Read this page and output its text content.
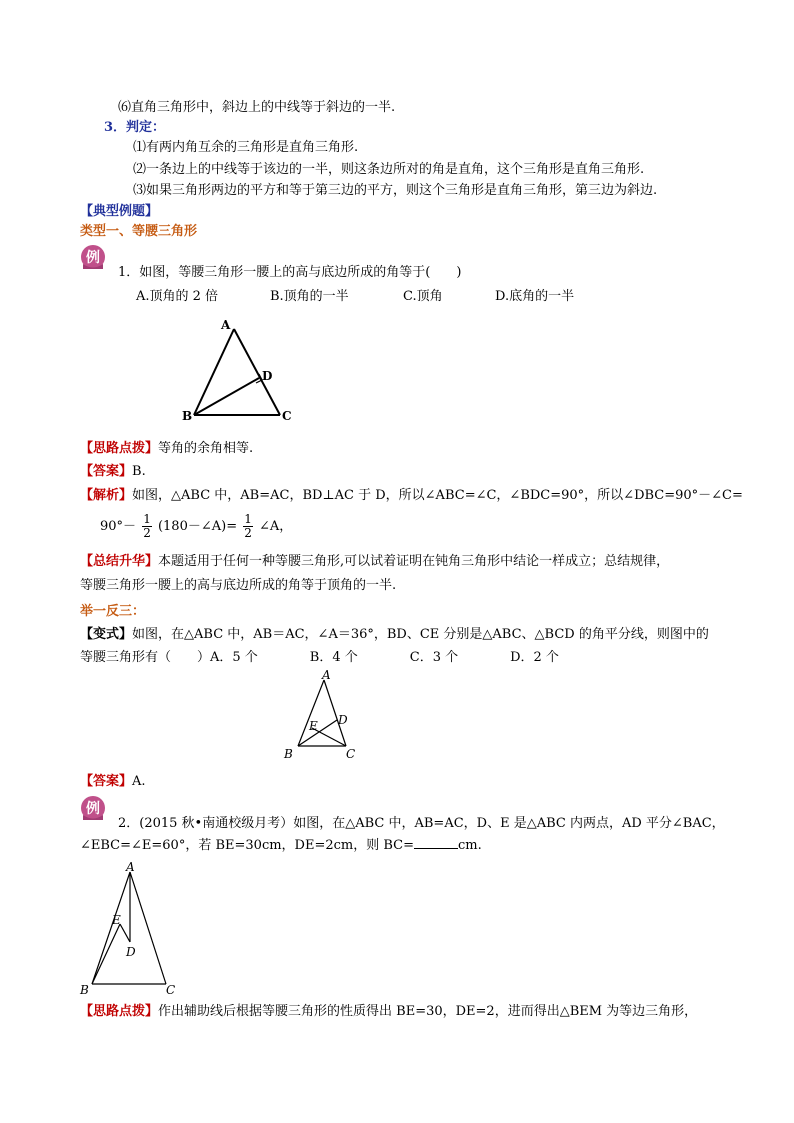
⑹直角三角形中，斜边上的中线等于斜边的一半.
3．判定：
⑴有两内角互余的三角形是直角三角形.
⑵一条边上的中线等于该边的一半，则这条边所对的角是直角，这个三角形是直角三角形.
⑶如果三角形两边的平方和等于第三边的平方，则这个三角形是直角三角形，第三边为斜边.
【典型例题】
类型一、等腰三角形
例
1．如图，等腰三角形一腰上的高与底边所成的角等于(　　)
A.顶角的 2 倍	B.顶角的一半	C.顶角	D.底角的一半
A
B	C
D
【思路点拨】等角的余角相等.
【答案】B.
【解析】如图，△ABC 中，AB=AC，BD⊥AC 于 D，所以∠ABC=∠C，∠BDC=90°，所以∠DBC=90°－∠C=
$90^\circ- \frac{1}{2}$ (180－∠A)= $\frac{1}{2}$ ∠A，
【总结升华】本题适用于任何一种等腰三角形,可以试着证明在钝角三角形中结论一样成立；总结规律，
等腰三角形一腰上的高与底边所成的角等于顶角的一半.
举一反三：
【变式】如图，在△ABC 中，AB＝AC，∠A＝36°，BD、CE 分别是△ABC、△BCD 的角平分线，则图中的
等腰三角形有（　　）A．5 个　　　　B．4 个　　　　C．3 个　　　　D．2 个
A
B	C
D
E
【答案】A.
例
2．(2015 秋•南通校级月考）如图，在△ABC 中，AB=AC，D、E 是△ABC 内两点，AD 平分∠BAC，
∠EBC=∠E=60°，若 BE=30cm，DE=2cm，则 BC=	cm.
A
B	C
D
E
【思路点拨】作出辅助线后根据等腰三角形的性质得出 BE=30，DE=2，进而得出△BEM 为等边三角形，
